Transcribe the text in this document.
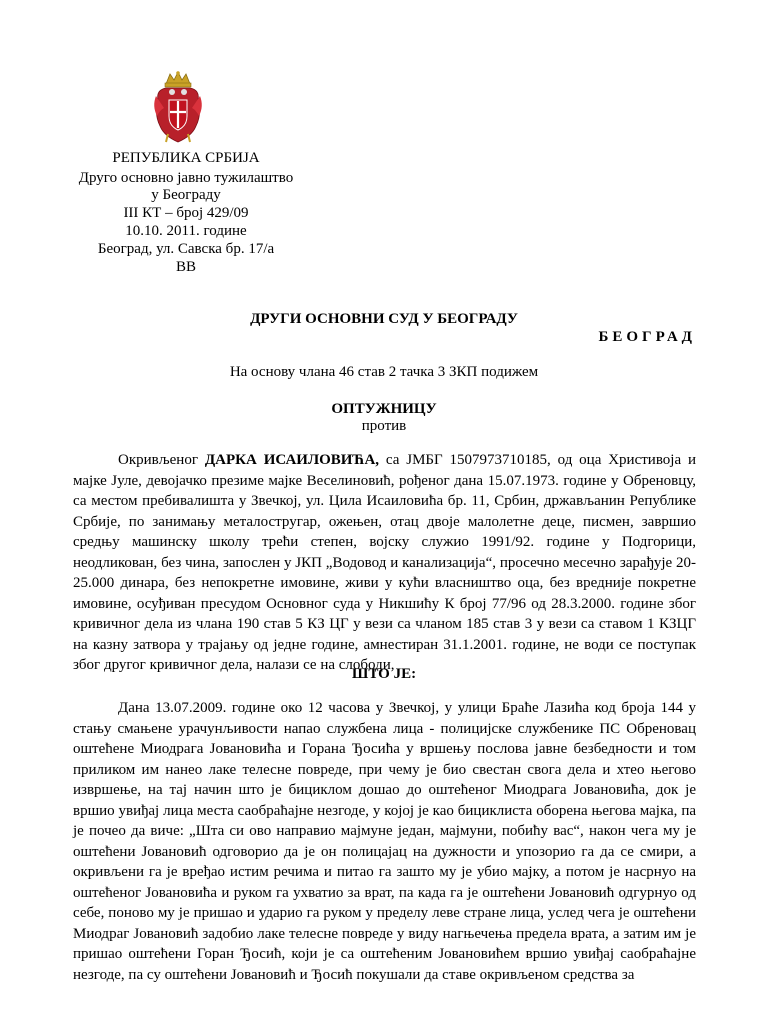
РЕПУБЛИКА СРБИЈА
Друго основно јавно тужилаштво
у Београду
III КТ – број 429/09
10.10. 2011. године
Београд, ул. Савска бр. 17/а
ВВ
ДРУГИ ОСНОВНИ СУД У БЕОГРАДУ
БЕОГРАД
На основу члана 46 став 2 тачка 3 ЗКП подижем
ОПТУЖНИЦУ
против
Окривљеног ДАРКА ИСАИЛОВИЋА, са ЈМБГ 1507973710185, од оца Христивоја и мајке Јуле, девојачко презиме мајке Веселиновић, рођеног дана 15.07.1973. године у Обреновцу, са местом пребивалишта у Звечкој, ул. Цила Исаиловића бр. 11, Србин, држављанин Републике Србије, по занимању металостругар, ожењен, отац двоје малолетне деце, писмен, завршио средњу машинску школу трећи степен, војску служио 1991/92. године у Подгорици, неодликован, без чина, запослен у ЈКП „Водовод и канализација“, просечно месечно зарађује 20-25.000 динара, без непокретне имовине, живи у кући власништво оца, без вредније покретне имовине, осуђиван пресудом Основног суда у Никшићу К број 77/96 од 28.3.2000. године због кривичног дела из члана 190 став 5 КЗ ЦГ у вези са чланом 185 став 3 у вези са ставом 1 КЗЦГ на казну затвора у трајању од једне године, амнестиран 31.1.2001. године, не води се поступак због другог кривичног дела, налази се на слободи,
ШТО ЈЕ:
Дана 13.07.2009. године око 12 часова у Звечкој, у улици Браће Лазића код броја 144 у стању смањене урачунљивости напао службена лица - полицијске службенике ПС Обреновац оштећене Миодрага Јовановића и Горана Ђосића у вршењу послова јавне безбедности и том приликом им нанео лаке телесне повреде, при чему је био свестан свога дела и хтео његово извршење, на тај начин што је бициклом дошао до оштећеног Миодрага Јовановића, док је вршио увиђај лица места саобраћајне незгоде, у којој је као бициклиста оборена његова мајка, па је почео да виче: „Шта си ово направио мајмуне један, мајмуни, побићу вас“, након чега му је оштећени Јовановић одговорио да је он полицајац на дужности и упозорио га да се смири, а окривљени га је вређао истим речима и питао га зашто му је убио мајку, а потом је насрнуо на оштећеног Јовановића и руком га ухватио за врат, па када га је оштећени Јовановић одгурнуо од себе, поново му је пришао и ударио га руком у пределу леве стране лица, услед чега је оштећени Миодраг Јовановић задобио лаке телесне повреде у виду нагњечења предела врата, а затим им је пришао оштећени Горан Ђосић, који је са оштећеним Јовановићем вршио увиђај саобраћајне незгоде, па су оштећени Јовановић и Ђосић покушали да ставе окривљеном средства за
